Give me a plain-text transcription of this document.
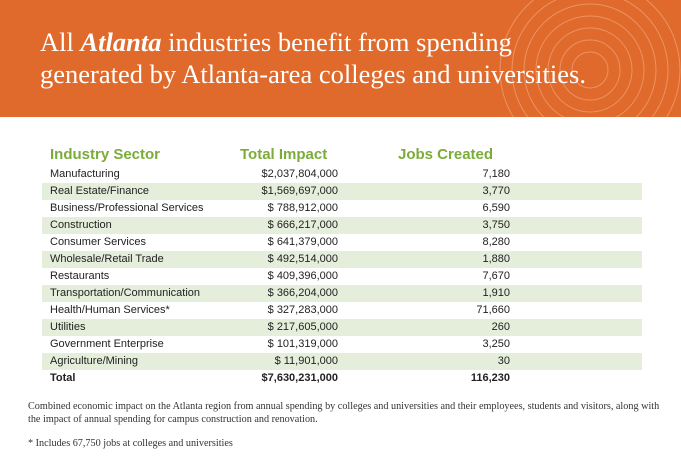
All Atlanta industries benefit from spending
generated by Atlanta-area colleges and universities.
Industry Sector	Total Impact	Jobs Created
Manufacturing	$2,037,804,000	7,180
Real Estate/Finance	$1,569,697,000	3,770
Business/Professional Services	$ 788,912,000	6,590
Construction	$ 666,217,000	3,750
Consumer Services	$ 641,379,000	8,280
Wholesale/Retail Trade	$ 492,514,000	1,880
Restaurants	$ 409,396,000	7,670
Transportation/Communication	$ 366,204,000	1,910
Health/Human Services*	$ 327,283,000	71,660
Utilities	$ 217,605,000	260
Government Enterprise	$ 101,319,000	3,250
Agriculture/Mining	$ 11,901,000	30
Total	$7,630,231,000	116,230
Combined economic impact on the Atlanta region from annual spending by colleges and universities and their employees, students and visitors, along with the impact of annual spending for campus construction and renovation.
* Includes 67,750 jobs at colleges and universities
